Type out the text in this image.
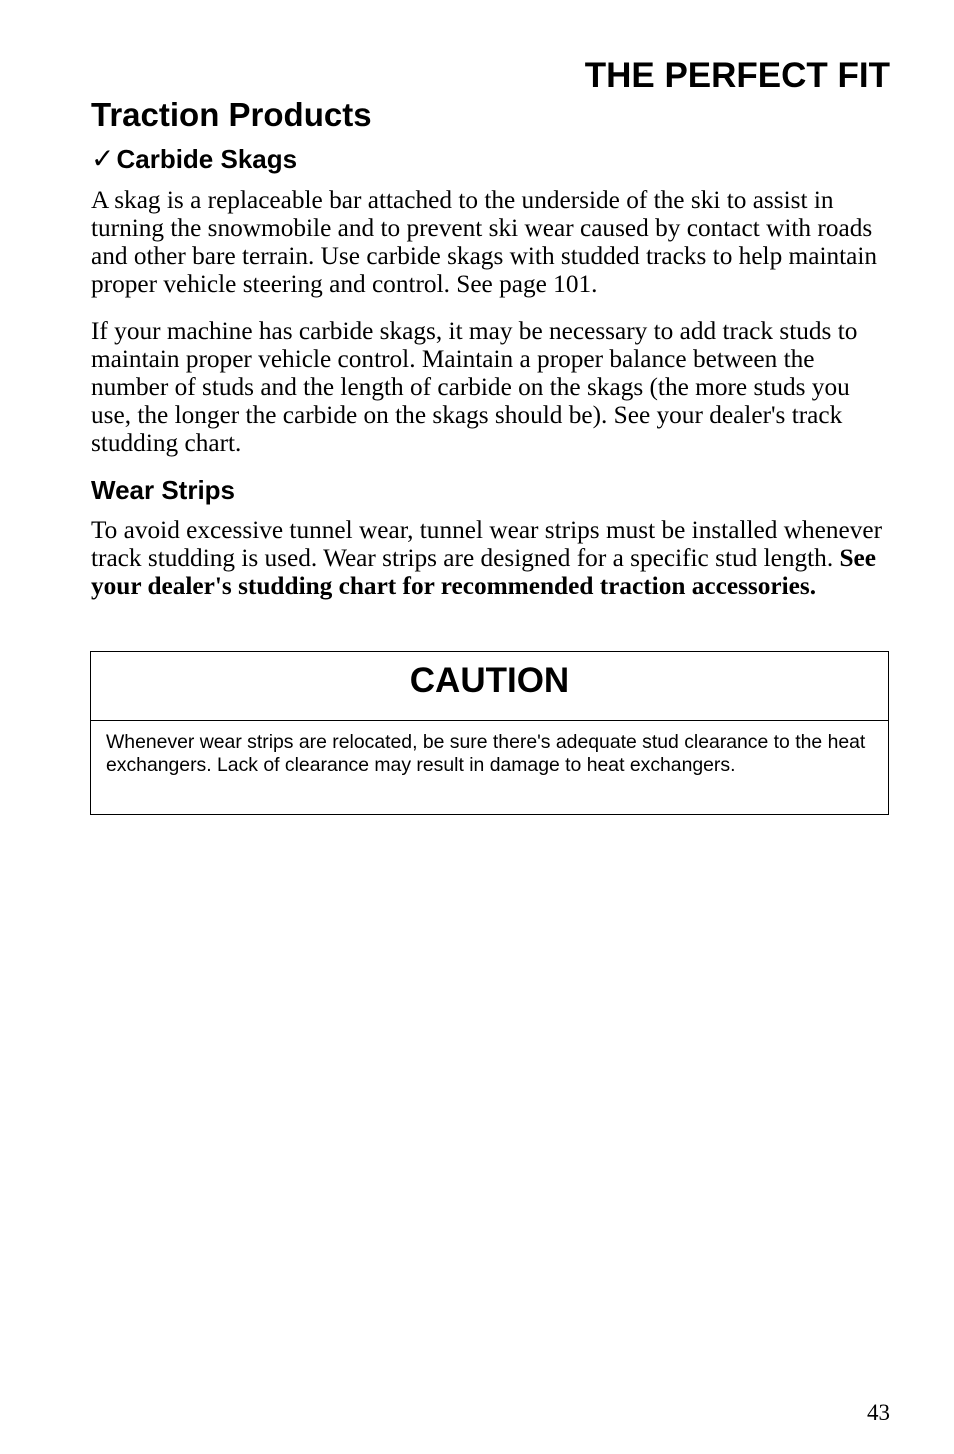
THE PERFECT FIT
Traction Products
✓Carbide Skags

A skag is a replaceable bar attached to the underside of the ski to assist in turning the snowmobile and to prevent ski wear caused by contact with roads and other bare terrain. Use carbide skags with studded tracks to help maintain proper vehicle steering and control. See page 101.

If your machine has carbide skags, it may be necessary to add track studs to maintain proper vehicle control. Maintain a proper balance between the number of studs and the length of carbide on the skags (the more studs you use, the longer the carbide on the skags should be). See your dealer's track studding chart.

Wear Strips

To avoid excessive tunnel wear, tunnel wear strips must be installed whenever track studding is used. Wear strips are designed for a specific stud length. See your dealer's studding chart for recommended traction accessories.

CAUTION
Whenever wear strips are relocated, be sure there's adequate stud clearance to the heat exchangers. Lack of clearance may result in damage to heat exchangers.
43
